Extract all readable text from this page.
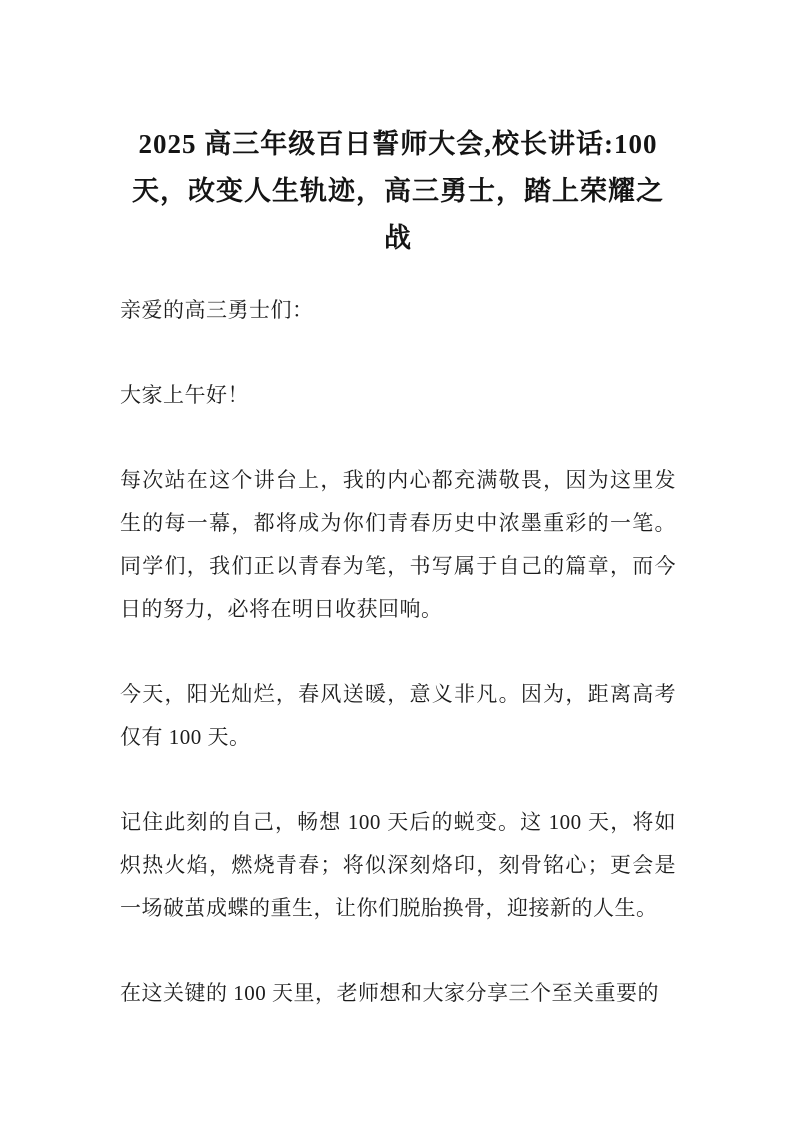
2025 高三年级百日誓师大会,校长讲话:100天，改变人生轨迹，高三勇士，踏上荣耀之战

亲爱的高三勇士们：

大家上午好！

每次站在这个讲台上，我的内心都充满敬畏，因为这里发生的每一幕，都将成为你们青春历史中浓墨重彩的一笔。同学们，我们正以青春为笔，书写属于自己的篇章，而今日的努力，必将在明日收获回响。

今天，阳光灿烂，春风送暖，意义非凡。因为，距离高考仅有 100 天。

记住此刻的自己，畅想 100 天后的蜕变。这 100 天，将如炽热火焰，燃烧青春；将似深刻烙印，刻骨铭心；更会是一场破茧成蝶的重生，让你们脱胎换骨，迎接新的人生。

在这关键的 100 天里，老师想和大家分享三个至关重要的
